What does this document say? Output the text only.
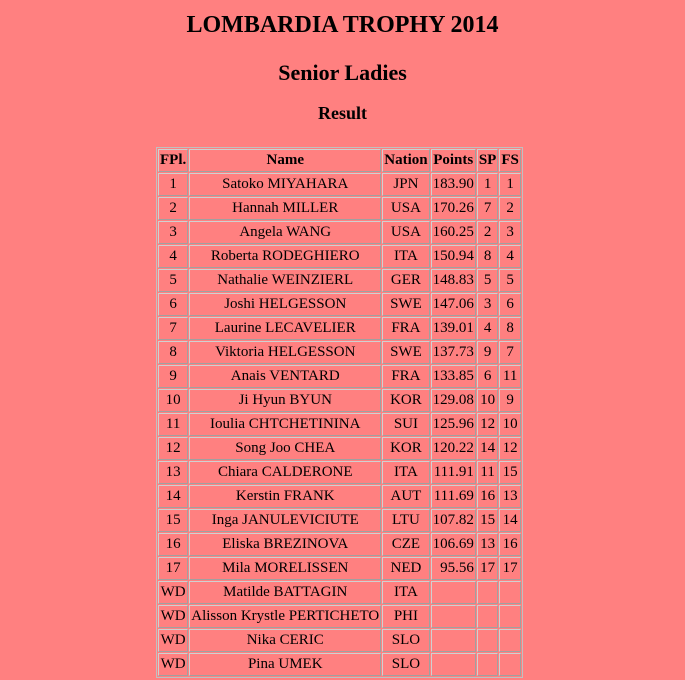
LOMBARDIA TROPHY 2014
Senior Ladies
Result
FPl.	Name	Nation	Points	SP	FS
1	Satoko MIYAHARA	JPN	183.90	1	1
2	Hannah MILLER	USA	170.26	7	2
3	Angela WANG	USA	160.25	2	3
4	Roberta RODEGHIERO	ITA	150.94	8	4
5	Nathalie WEINZIERL	GER	148.83	5	5
6	Joshi HELGESSON	SWE	147.06	3	6
7	Laurine LECAVELIER	FRA	139.01	4	8
8	Viktoria HELGESSON	SWE	137.73	9	7
9	Anais VENTARD	FRA	133.85	6	11
10	Ji Hyun BYUN	KOR	129.08	10	9
11	Ioulia CHTCHETININA	SUI	125.96	12	10
12	Song Joo CHEA	KOR	120.22	14	12
13	Chiara CALDERONE	ITA	111.91	11	15
14	Kerstin FRANK	AUT	111.69	16	13
15	Inga JANULEVICIUTE	LTU	107.82	15	14
16	Eliska BREZINOVA	CZE	106.69	13	16
17	Mila MORELISSEN	NED	95.56	17	17
WD	Matilde BATTAGIN	ITA			
WD	Alisson Krystle PERTICHETO	PHI			
WD	Nika CERIC	SLO			
WD	Pina UMEK	SLO			
